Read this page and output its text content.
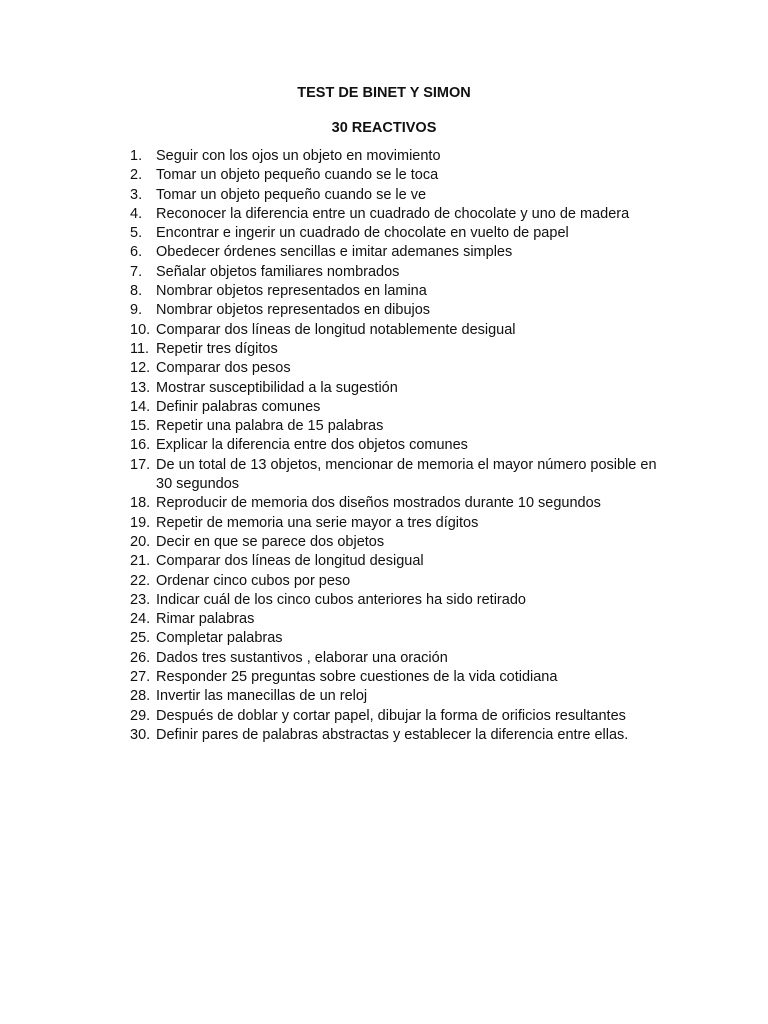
TEST DE BINET Y SIMON
30 REACTIVOS
1. Seguir con los ojos un objeto en movimiento
2. Tomar un objeto pequeño cuando se le toca
3. Tomar un objeto pequeño cuando se le ve
4. Reconocer la diferencia entre un cuadrado de chocolate y uno de madera
5. Encontrar e ingerir un cuadrado de chocolate en vuelto de papel
6. Obedecer órdenes sencillas e imitar ademanes simples
7. Señalar objetos familiares nombrados
8. Nombrar objetos representados en lamina
9. Nombrar objetos representados en dibujos
10. Comparar dos líneas de longitud notablemente desigual
11. Repetir tres dígitos
12. Comparar dos pesos
13. Mostrar susceptibilidad a la sugestión
14. Definir palabras comunes
15. Repetir una palabra de 15 palabras
16. Explicar la diferencia entre dos objetos comunes
17. De un total de 13 objetos, mencionar de memoria el mayor número posible en 30 segundos
18. Reproducir de memoria dos diseños mostrados durante 10 segundos
19. Repetir de memoria una serie mayor a tres dígitos
20. Decir en que se parece dos objetos
21. Comparar dos líneas de longitud desigual
22. Ordenar cinco cubos por peso
23. Indicar cuál de los cinco cubos anteriores ha sido retirado
24. Rimar palabras
25. Completar palabras
26. Dados tres sustantivos , elaborar una oración
27. Responder 25 preguntas sobre cuestiones de la vida cotidiana
28. Invertir las manecillas de un reloj
29. Después de doblar y cortar papel, dibujar la forma de orificios resultantes
30. Definir pares de palabras abstractas y establecer la diferencia entre ellas.
